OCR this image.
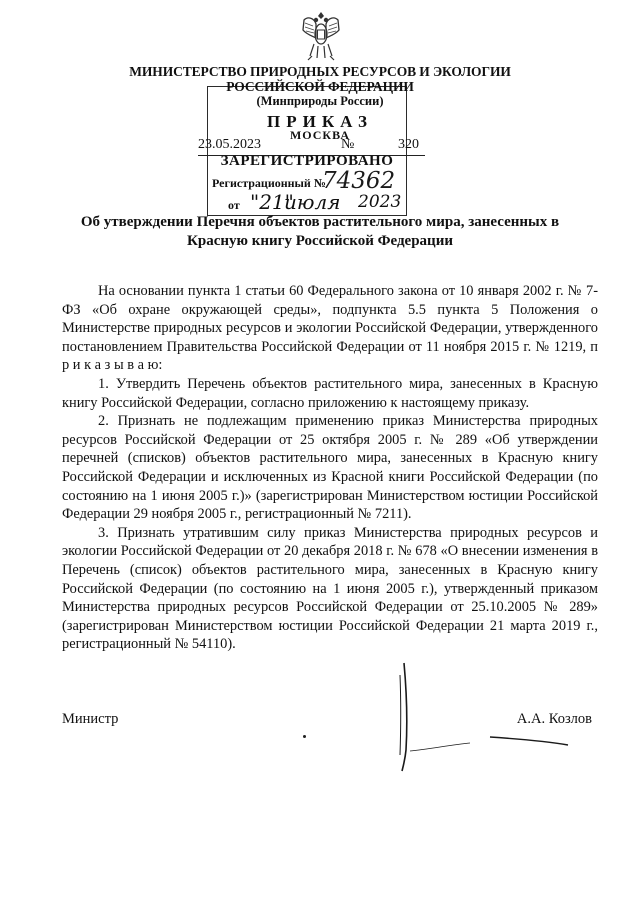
МИНИСТЕРСТВО ПРИРОДНЫХ РЕСУРСОВ И ЭКОЛОГИИ
РОССИЙСКОЙ ФЕДЕРАЦИИ
(Минприроды России)
ПРИКАЗ
МОСКВА
23.05.2023	№	320
ЗАРЕГИСТРИРОВАНО
Регистрационный №
74362
от "21"
июля 2023
Об утверждении Перечня объектов растительного мира, занесенных в
Красную книгу Российской Федерации

На основании пункта 1 статьи 60 Федерального закона от 10 января 2002 г. № 7-ФЗ «Об охране окружающей среды», подпункта 5.5 пункта 5 Положения о Министерстве природных ресурсов и экологии Российской Федерации, утвержденного постановлением Правительства Российской Федерации от 11 ноября 2015 г. № 1219, п р и к а з ы в а ю:

1. Утвердить Перечень объектов растительного мира, занесенных в Красную книгу Российской Федерации, согласно приложению к настоящему приказу.

2. Признать не подлежащим применению приказ Министерства природных ресурсов Российской Федерации от 25 октября 2005 г. № 289 «Об утверждении перечней (списков) объектов растительного мира, занесенных в Красную книгу Российской Федерации и исключенных из Красной книги Российской Федерации (по состоянию на 1 июня 2005 г.)» (зарегистрирован Министерством юстиции Российской Федерации 29 ноября 2005 г., регистрационный № 7211).

3. Признать утратившим силу приказ Министерства природных ресурсов и экологии Российской Федерации от 20 декабря 2018 г. № 678 «О внесении изменения в Перечень (список) объектов растительного мира, занесенных в Красную книгу Российской Федерации (по состоянию на 1 июня 2005 г.), утвержденный приказом Министерства природных ресурсов Российской Федерации от 25.10.2005 № 289» (зарегистрирован Министерством юстиции Российской Федерации 21 марта 2019 г., регистрационный № 54110).

Министр	А.А. Козлов
